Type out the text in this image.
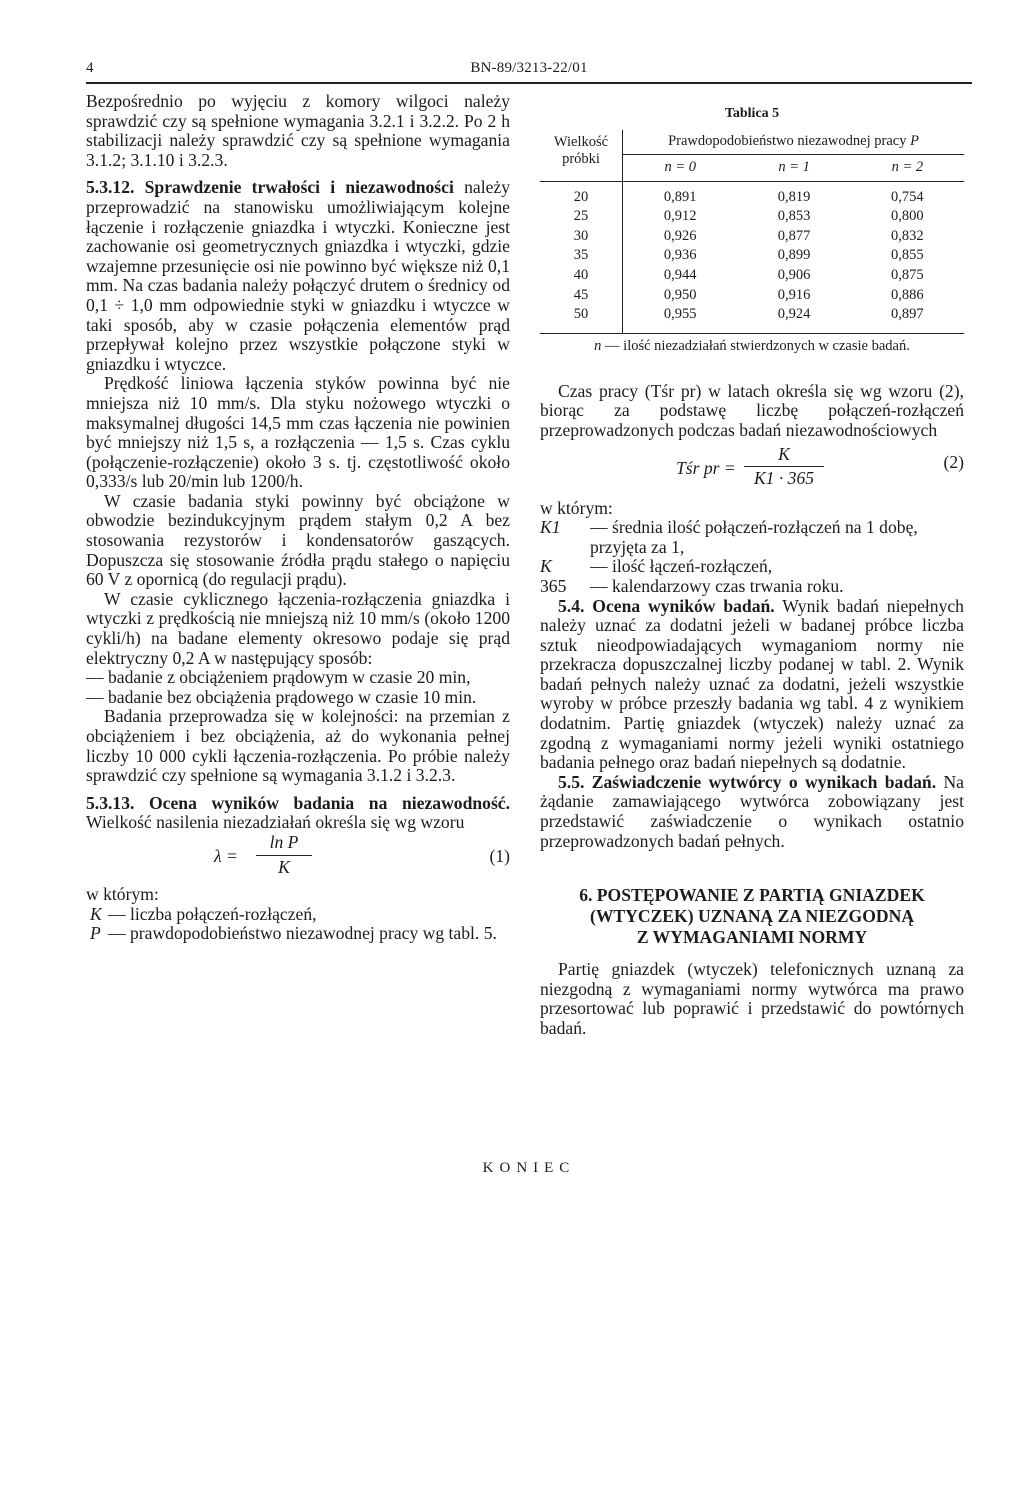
4	BN-89/3213-22/01

Bezpośrednio po wyjęciu z komory wilgoci należy sprawdzić czy są spełnione wymagania 3.2.1 i 3.2.2. Po 2 h stabilizacji należy sprawdzić czy są spełnione wymagania 3.1.2; 3.1.10 i 3.2.3.

5.3.12. Sprawdzenie trwałości i niezawodności należy przeprowadzić na stanowisku umożliwiającym kolejne łączenie i rozłączenie gniazdka i wtyczki. Konieczne jest zachowanie osi geometrycznych gniazdka i wtyczki, gdzie wzajemne przesunięcie osi nie powinno być większe niż 0,1 mm. Na czas badania należy połączyć drutem o średnicy od 0,1 ÷ 1,0 mm odpowiednie styki w gniazdku i wtyczce w taki sposób, aby w czasie połączenia elementów prąd przepływał kolejno przez wszystkie połączone styki w gniazdku i wtyczce.

Prędkość liniowa łączenia styków powinna być nie mniejsza niż 10 mm/s. Dla styku nożowego wtyczki o maksymalnej długości 14,5 mm czas łączenia nie powinien być mniejszy niż 1,5 s, a rozłączenia — 1,5 s. Czas cyklu (połączenie-rozłączenie) około 3 s. tj. częstotliwość około 0,333/s lub 20/min lub 1200/h.

W czasie badania styki powinny być obciążone w obwodzie bezindukcyjnym prądem stałym 0,2 A bez stosowania rezystorów i kondensatorów gaszących. Dopuszcza się stosowanie źródła prądu stałego o napięciu 60 V z opornicą (do regulacji prądu).

W czasie cyklicznego łączenia-rozłączenia gniazdka i wtyczki z prędkością nie mniejszą niż 10 mm/s (około 1200 cykli/h) na badane elementy okresowo podaje się prąd elektryczny 0,2 A w następujący sposób:

— badanie z obciążeniem prądowym w czasie 20 min,

— badanie bez obciążenia prądowego w czasie 10 min.

Badania przeprowadza się w kolejności: na przemian z obciążeniem i bez obciążenia, aż do wykonania pełnej liczby 10 000 cykli łączenia-rozłączenia. Po próbie należy sprawdzić czy spełnione są wymagania 3.1.2 i 3.2.3.

5.3.13. Ocena wyników badania na niezawodność. Wielkość nasilenia niezadziałań określa się wg wzoru

$\lambda = \frac{\text{ln P}}{K}$	(1)

w którym:

K — liczba połączeń-rozłączeń,
P — prawdopodobieństwo niezawodnej pracy wg tabl. 5.
Tablica 5
Wielkość próbki	Prawdopodobieństwo niezawodnej pracy P		
	n = 0	n = 1	n = 2
20	0,891	0,819	0,754
25	0,912	0,853	0,800
30	0,926	0,877	0,832
35	0,936	0,899	0,855
40	0,944	0,906	0,875
45	0,950	0,916	0,886
50	0,955	0,924	0,897
n — ilość niezadziałań stwierdzonych w czasie badań.			

Czas pracy (Tśr pr) w latach określa się wg wzoru (2), biorąc za podstawę liczbę połączeń-rozłączeń przeprowadzonych podczas badań niezawodnościowych

Tśr pr = $\frac{K}{K1 \cdot 365}$	(2)

w którym:

K1	— średnia ilość połączeń-rozłączeń na 1 dobę, przyjęta za 1,
K	— ilość łączeń-rozłączeń,
365	— kalendarzowy czas trwania roku.

5.4. Ocena wyników badań. Wynik badań niepełnych należy uznać za dodatni jeżeli w badanej próbce liczba sztuk nieodpowiadających wymaganiom normy nie przekracza dopuszczalnej liczby podanej w tabl. 2. Wynik badań pełnych należy uznać za dodatni, jeżeli wszystkie wyroby w próbce przeszły badania wg tabl. 4 z wynikiem dodatnim. Partię gniazdek (wtyczek) należy uznać za zgodną z wymaganiami normy jeżeli wyniki ostatniego badania pełnego oraz badań niepełnych są dodatnie.

5.5. Zaświadczenie wytwórcy o wynikach badań. Na żądanie zamawiającego wytwórca zobowiązany jest przedstawić zaświadczenie o wynikach ostatnio przeprowadzonych badań pełnych.

6. POSTĘPOWANIE Z PARTIĄ GNIAZDEK
(WTYCZEK) UZNANĄ ZA NIEZGODNĄ
Z WYMAGANIAMI NORMY

Partię gniazdek (wtyczek) telefonicznych uznaną za niezgodną z wymaganiami normy wytwórca ma prawo przesortować lub poprawić i przedstawić do powtórnych badań.

KONIEC
